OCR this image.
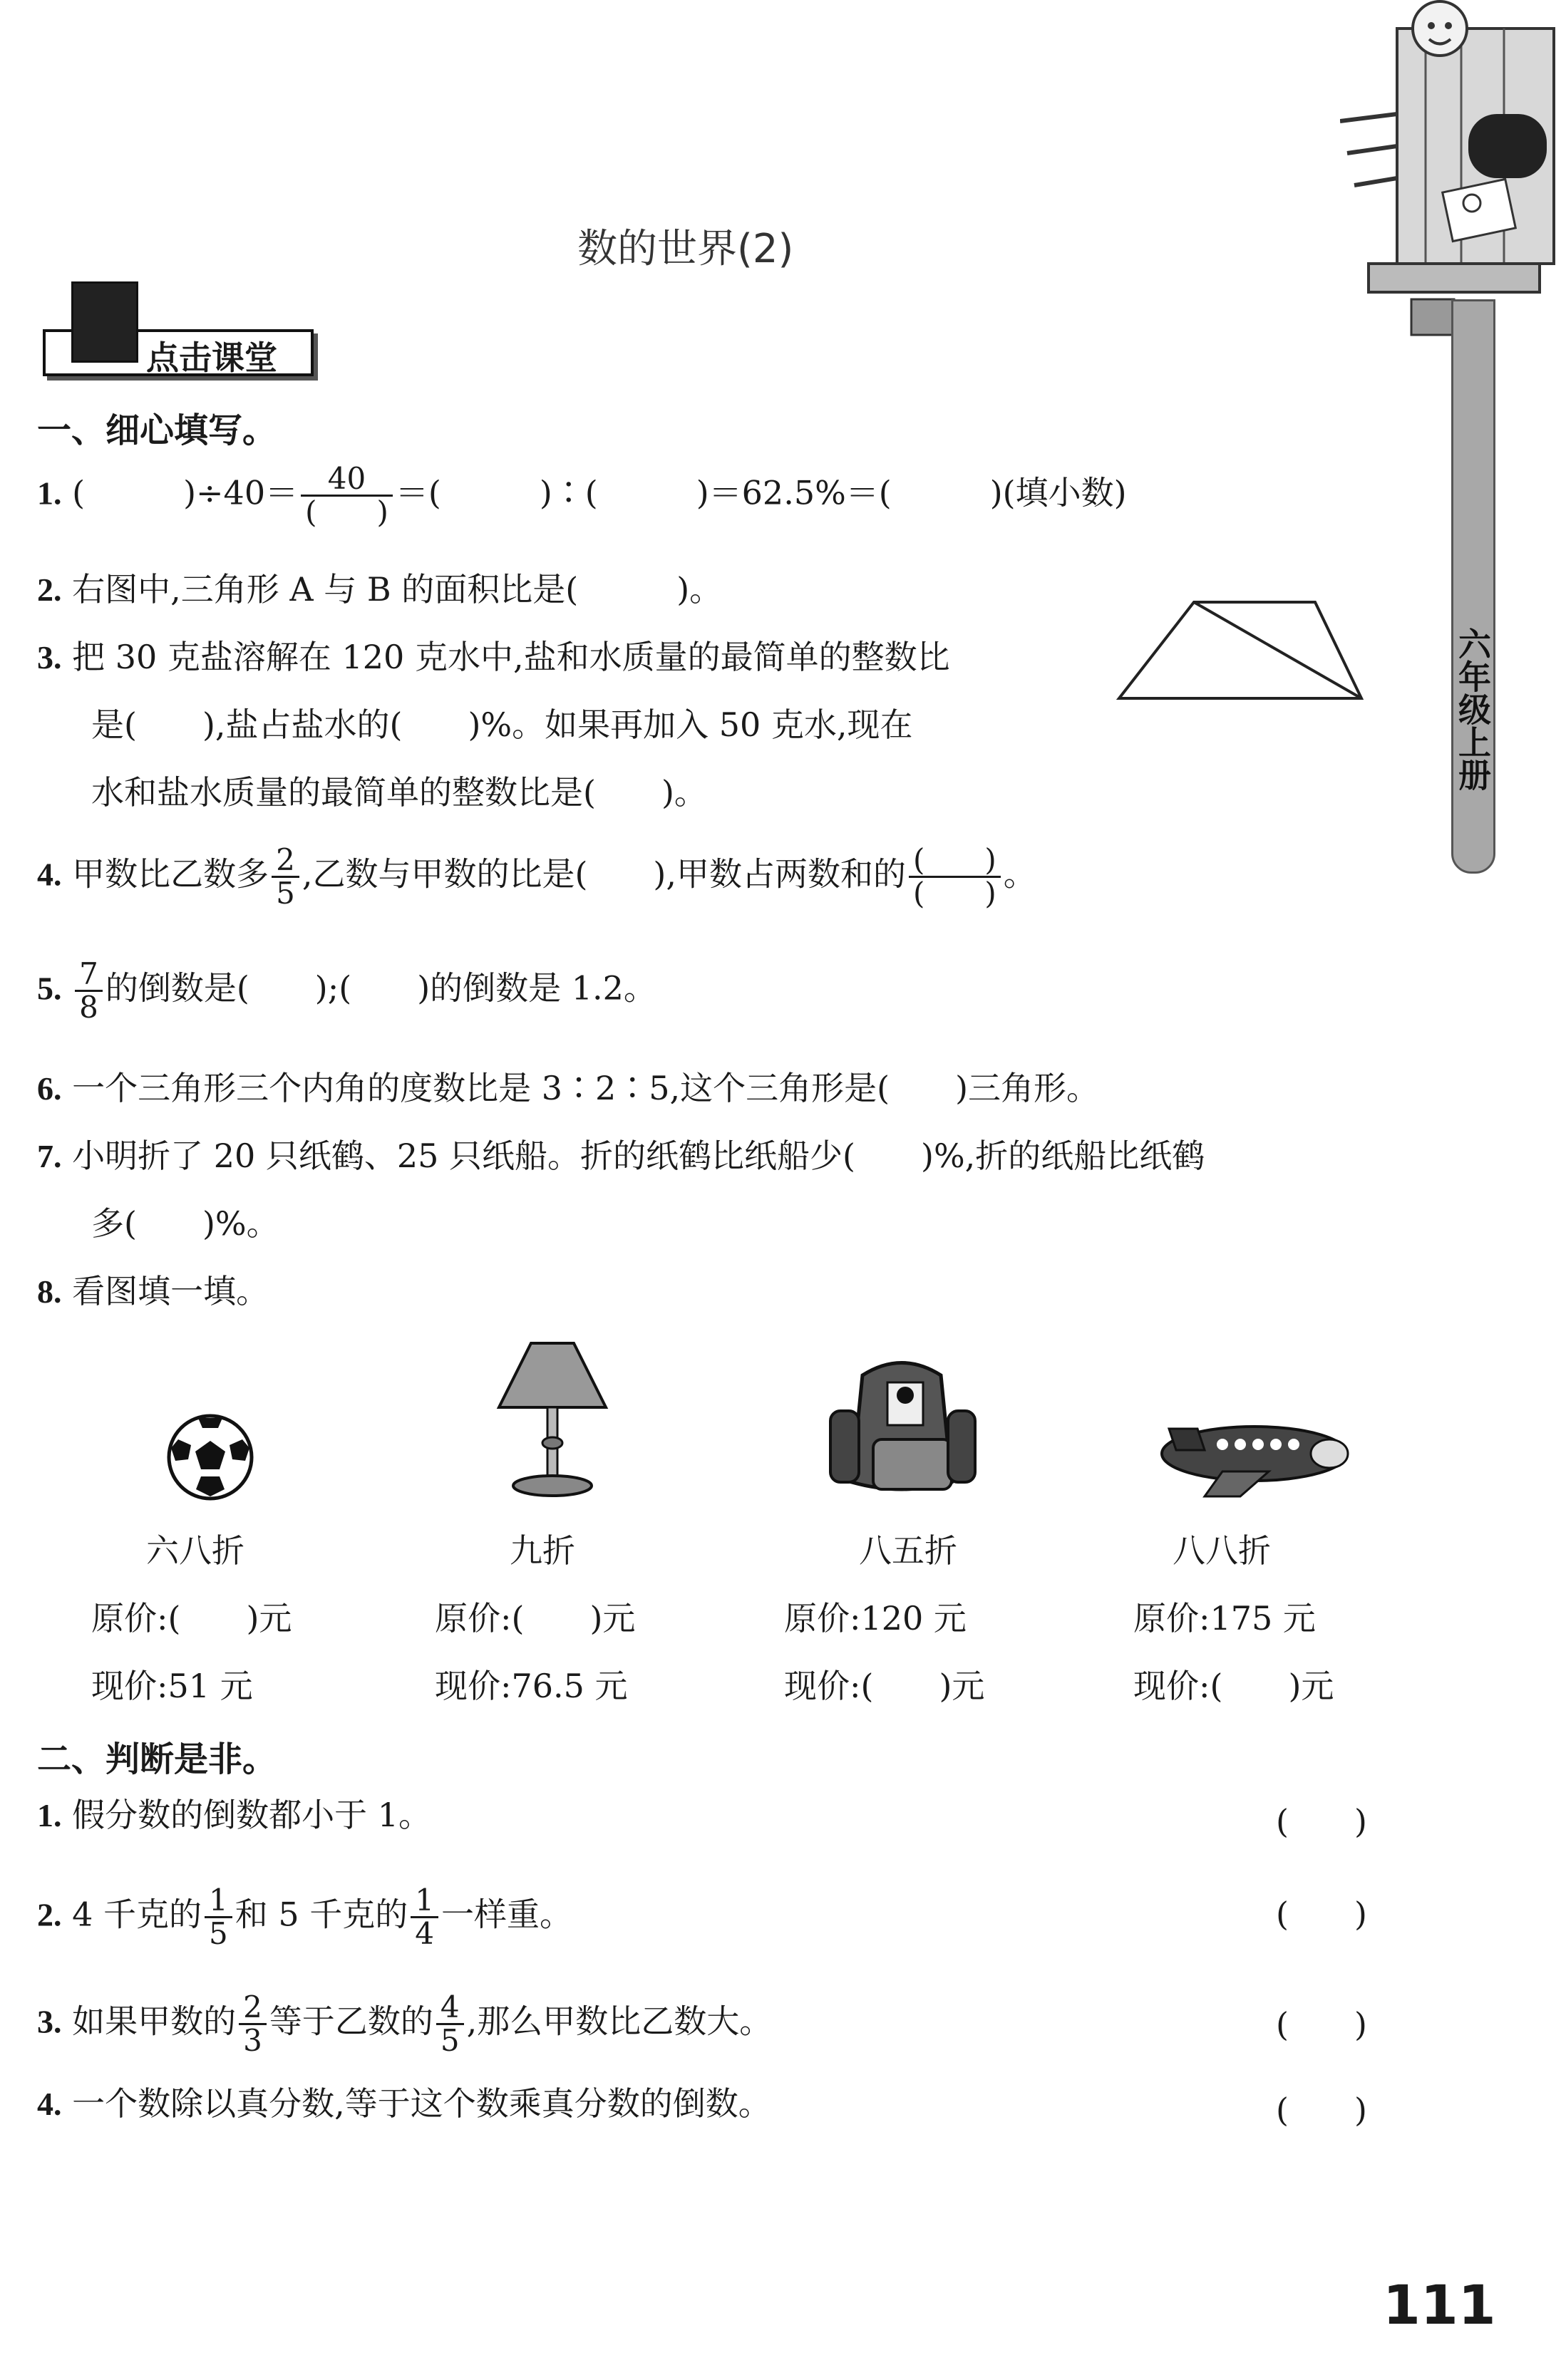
六年级上册
数的世界(2)
点击课堂
一、细心填写。
1. (　　　)$\div 40= \frac{40}{( )}$ ＝(　　　)∶(　　　)＝62.5%＝(　　　)(填小数)
2. 右图中,三角形 A 与 B 的面积比是(　　　)。
3. 把 30 克盐溶解在 120 克水中,盐和水质量的最简单的整数比
是(　　),盐占盐水的(　　)%。如果再加入 50 克水,现在
水和盐水质量的最简单的整数比是(　　)。
4. 甲数比乙数多 $\frac{2}{5}$ ,乙数与甲数的比是(　　),甲数占两数和的 $\frac{( )}{( )}$ 。
5. $\frac{7}{8}$ 的倒数是(　　);(　　)的倒数是 1.2。
6. 一个三角形三个内角的度数比是 3∶2∶5,这个三角形是(　　)三角形。
7. 小明折了 20 只纸鹤、25 只纸船。折的纸鹤比纸船少(　　)%,折的纸船比纸鹤
多(　　)%。
8. 看图填一填。
六八折	九折	八五折	八八折
原价:(　　)元	原价:(　　)元	原价:120 元	原价:175 元
现价:51 元	现价:76.5 元	现价:(　　)元	现价:(　　)元
二、判断是非。
1. 假分数的倒数都小于 1。	(　　)
2. 4 千克的 $\frac{1}{5}$ 和 5 千克的 $\frac{1}{4}$ 一样重。	(　　)
3. 如果甲数的 $\frac{2}{3}$ 等于乙数的 $\frac{4}{5}$ ,那么甲数比乙数大。	(　　)
4. 一个数除以真分数,等于这个数乘真分数的倒数。	(　　)
111
